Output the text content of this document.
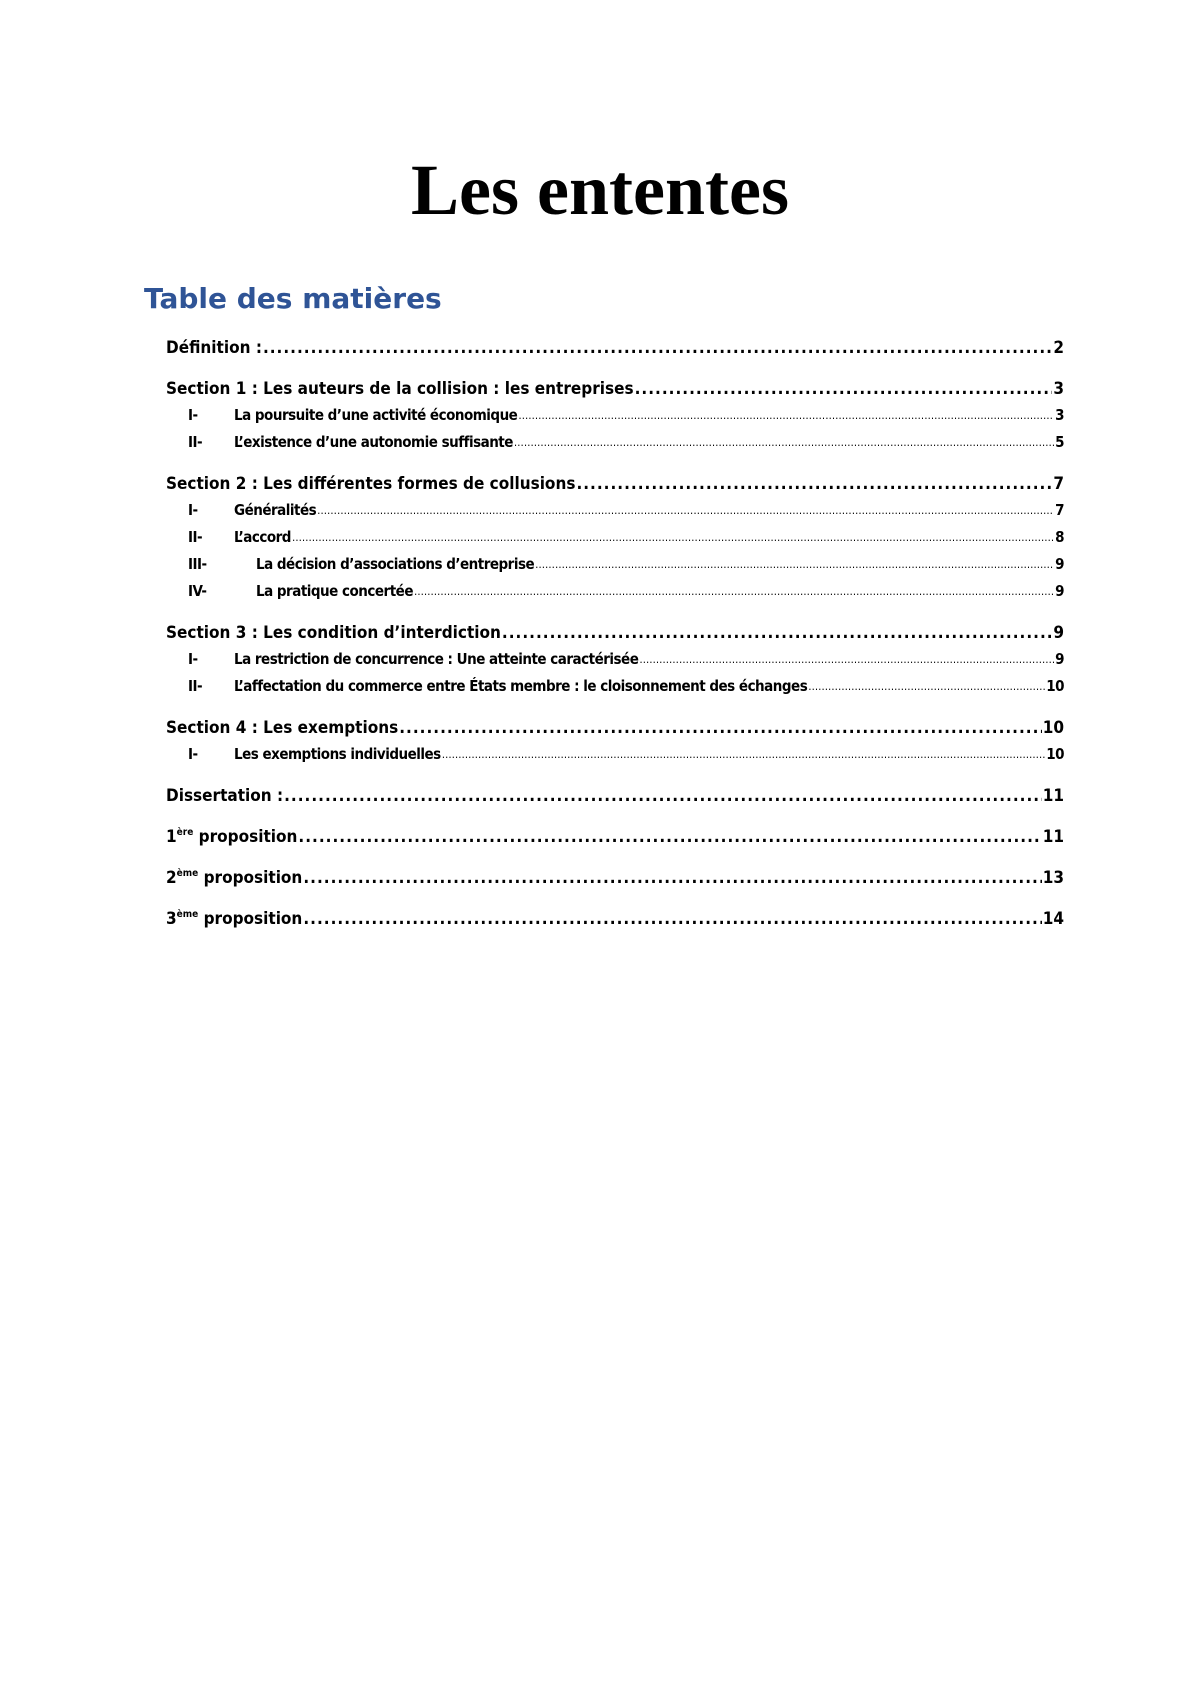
Les ententes
Table des matières
Définition : .....	2
Section 1 : Les auteurs de la collision : les entreprises .....	3
I-	La poursuite d’une activité économique ……………………………………………………………………………………………………………………………………………………………………………………………………………………………………………………	3
II-	L’existence d’une autonomie suffisante ……………………………………………………………………………………………………………………………………………………………………………………………………………………………………………………	5
Section 2 : Les différentes formes de collusions .....	7
I-	Généralités ……………………………………………………………………………………………………………………………………………………………………………………………………………………………………………………	7
II-	L’accord ……………………………………………………………………………………………………………………………………………………………………………………………………………………………………………………	8
III-	La décision d’associations d’entreprise ……………………………………………………………………………………………………………………………………………………………………………………………………………………………………………………	9
IV-	La pratique concertée ……………………………………………………………………………………………………………………………………………………………………………………………………………………………………………………	9
Section 3 : Les condition d’interdiction .....	9
I-	La restriction de concurrence : Une atteinte caractérisée ……………………………………………………………………………………………………………………………………………………………………………………………………………………………………………………	9
II-	L’affectation du commerce entre États membre : le cloisonnement des échanges ……………………………………………………………………………………………………………………………………………………………………………………………………………………………………………………	10
Section 4 : Les exemptions .....	10
I-	Les exemptions individuelles ……………………………………………………………………………………………………………………………………………………………………………………………………………………………………………………	10
Dissertation : .....	11
1ère proposition .....	11
2ème proposition .....	13
3ème proposition .....	14
